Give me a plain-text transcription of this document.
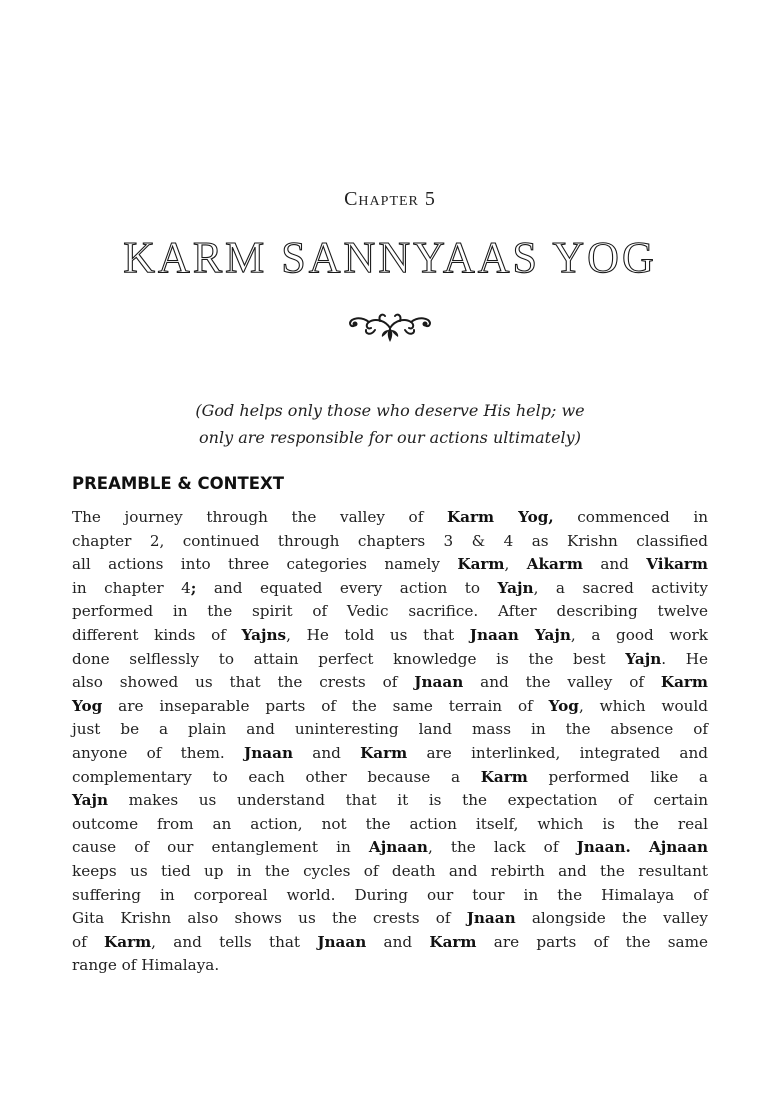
Chapter 5
KARM SANNYAAS YOG
(God helps only those who deserve His help; we
only are responsible for our actions ultimately)
PREAMBLE & CONTEXT
The journey through the valley of Karm Yog, commenced in
chapter 2, continued through chapters 3 & 4 as Krishn classified
all actions into three categories namely Karm, Akarm and Vikarm
in chapter 4; and equated every action to Yajn, a sacred activity
performed in the spirit of Vedic sacrifice. After describing twelve
different kinds of Yajns, He told us that Jnaan Yajn, a good work
done selflessly to attain perfect knowledge is the best Yajn. He
also showed us that the crests of Jnaan and the valley of Karm
Yog are inseparable parts of the same terrain of Yog, which would
just be a plain and uninteresting land mass in the absence of
anyone of them. Jnaan and Karm are interlinked, integrated and
complementary to each other because a Karm performed like a
Yajn makes us understand that it is the expectation of certain
outcome from an action, not the action itself, which is the real
cause of our entanglement in Ajnaan, the lack of Jnaan. Ajnaan
keeps us tied up in the cycles of death and rebirth and the resultant
suffering in corporeal world. During our tour in the Himalaya of
Gita Krishn also shows us the crests of Jnaan alongside the valley
of Karm, and tells that Jnaan and Karm are parts of the same
range of Himalaya.
